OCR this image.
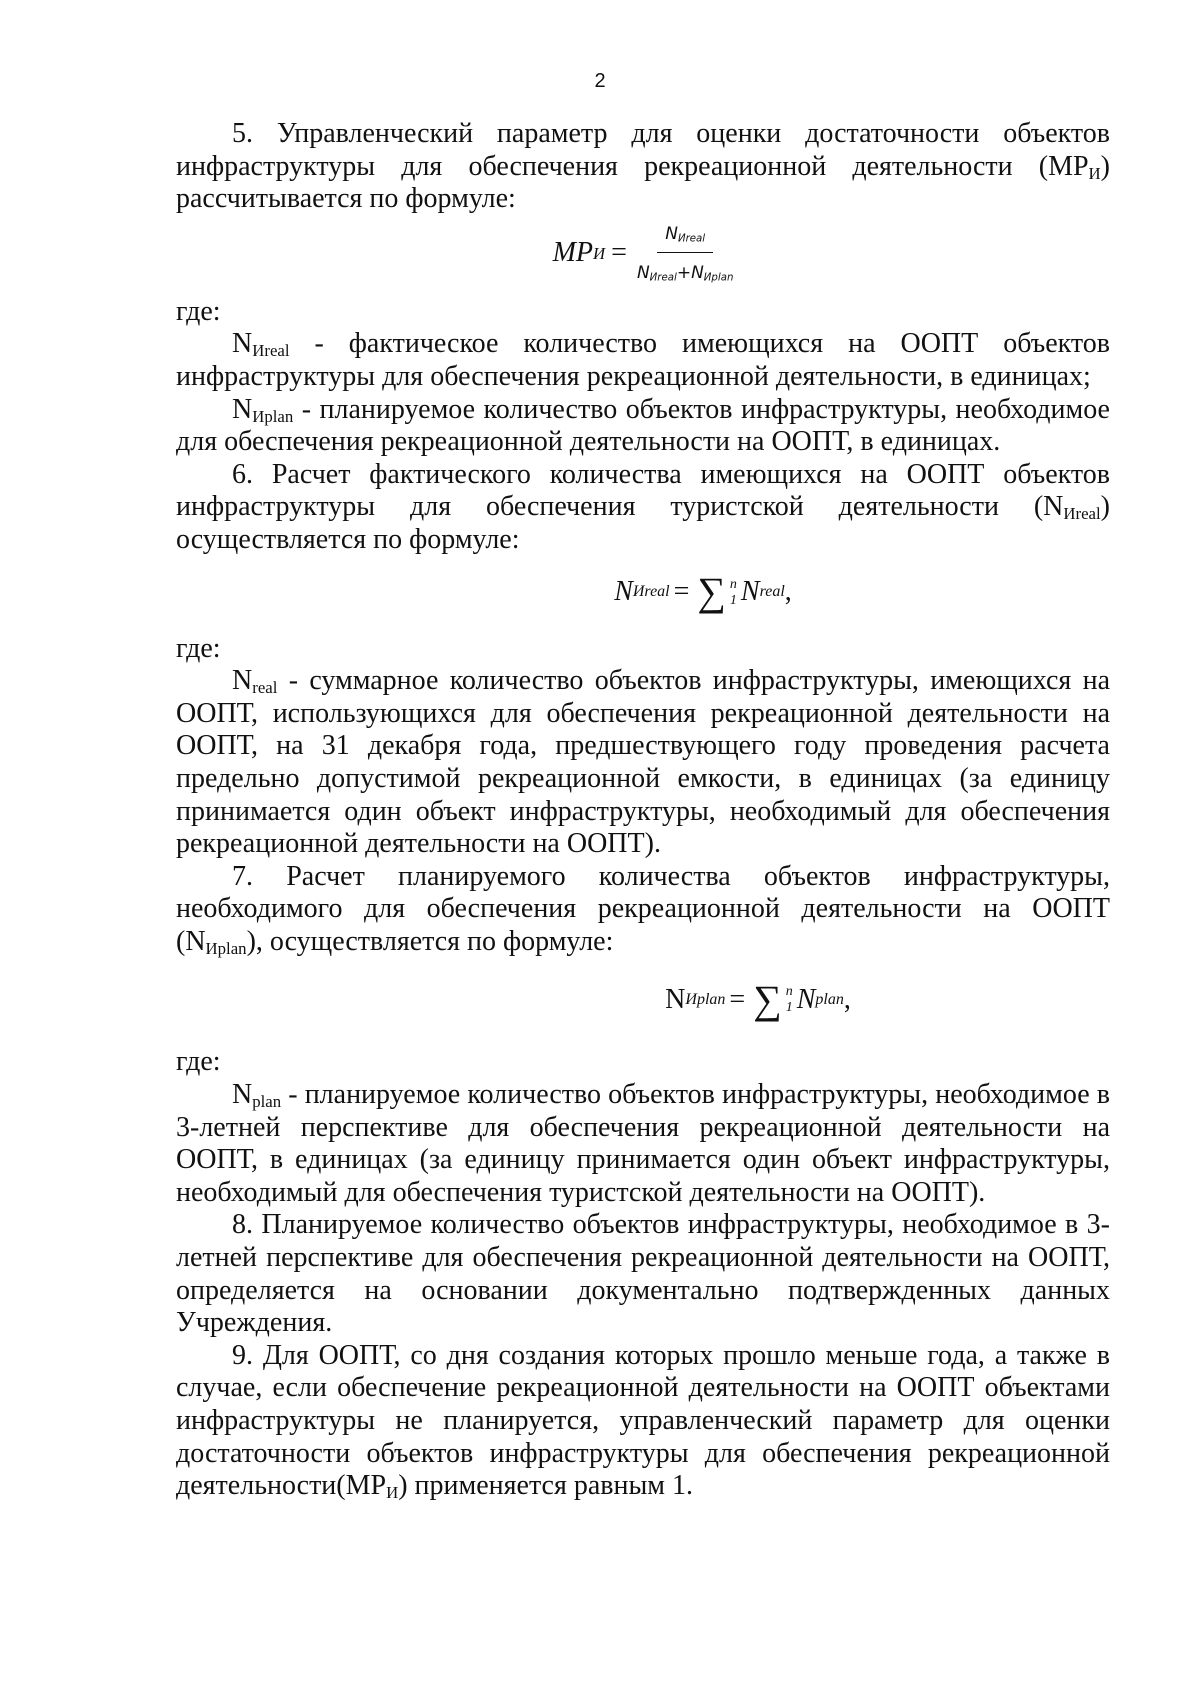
2

5. Управленческий параметр для оценки достаточности объектов инфраструктуры для обеспечения рекреационной деятельности $(МР_И)$ рассчитывается по формуле:

MP $И = \frac{N_{Иreal}}{N_{Иreal}+N_{Иplan}}$

где:

$N_{Иreal}$ - фактическое количество имеющихся на ООПТ объектов инфраструктуры для обеспечения рекреационной деятельности, в единицах;

$N_{Иplan}$ - планируемое количество объектов инфраструктуры, необходимое для обеспечения рекреационной деятельности на ООПТ, в единицах.

6. Расчет фактического количества имеющихся на ООПТ объектов инфраструктуры для обеспечения туристской деятельности $(N_{Иreal})$ осуществляется по формуле:

N Иreal = ∑ n
1 N real ,

где:

$N_{real}$ - суммарное количество объектов инфраструктуры, имеющихся на ООПТ, использующихся для обеспечения рекреационной деятельности на ООПТ, на 31 декабря года, предшествующего году проведения расчета предельно допустимой рекреационной емкости, в единицах (за единицу принимается один объект инфраструктуры, необходимый для обеспечения рекреационной деятельности на ООПТ).

7. Расчет планируемого количества объектов инфраструктуры, необходимого для обеспечения рекреационной деятельности на ООПТ $(N_{Иplan})$, осуществляется по формуле:

N Иplan = ∑ n
1 N plan ,

где:

$N_{plan}$ - планируемое количество объектов инфраструктуры, необходимое в 3-летней перспективе для обеспечения рекреационной деятельности на ООПТ, в единицах (за единицу принимается один объект инфраструктуры, необходимый для обеспечения туристской деятельности на ООПТ).

8. Планируемое количество объектов инфраструктуры, необходимое в 3-летней перспективе для обеспечения рекреационной деятельности на ООПТ, определяется на основании документально подтвержденных данных Учреждения.

9. Для ООПТ, со дня создания которых прошло меньше года, а также в случае, если обеспечение рекреационной деятельности на ООПТ объектами инфраструктуры не планируется, управленческий параметр для оценки достаточности объектов инфраструктуры для обеспечения рекреационной $деятельности(МР_И)$ применяется равным 1.
